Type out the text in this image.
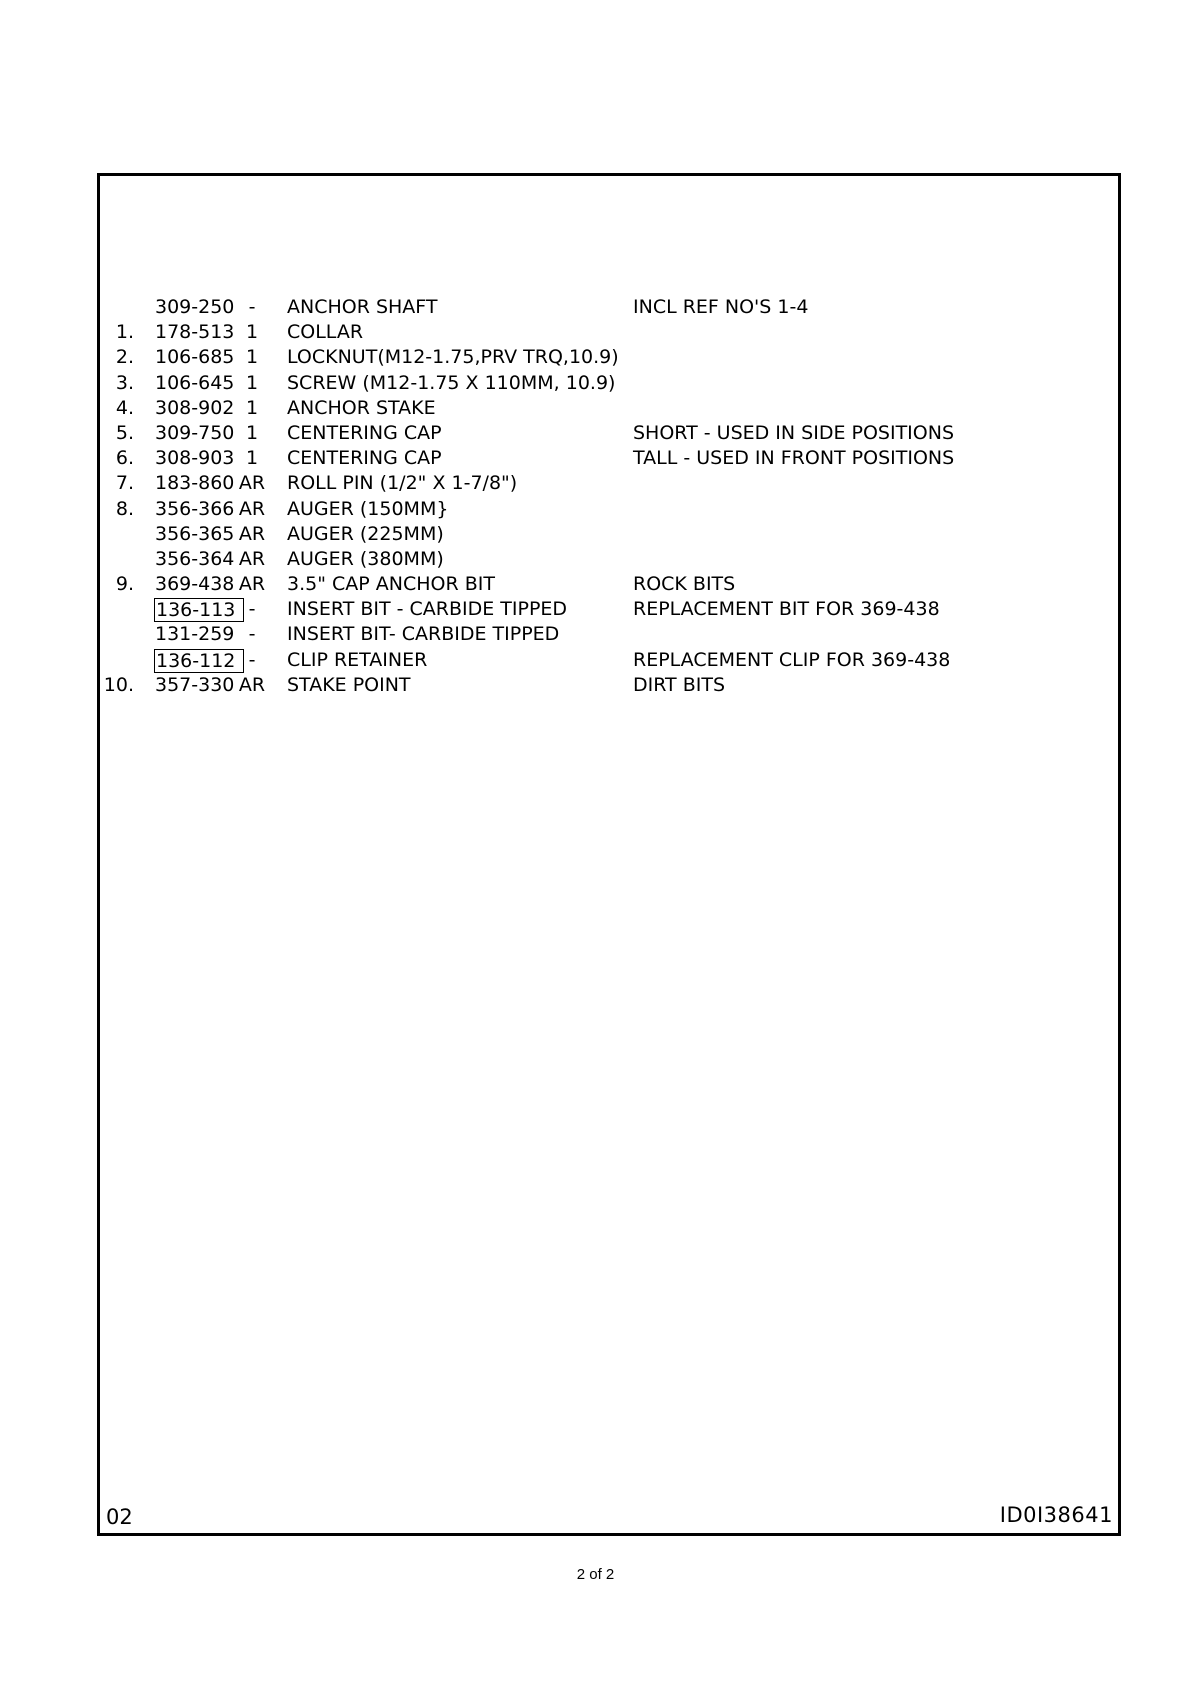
309-250 -	ANCHOR SHAFT	INCL REF NO'S 1-4
1. 178-513 1	COLLAR
2. 106-685 1	LOCKNUT(M12-1.75,PRV TRQ,10.9)
3. 106-645 1	SCREW (M12-1.75 X 110MM, 10.9)
4. 308-902 1	ANCHOR STAKE
5. 309-750 1	CENTERING CAP	SHORT - USED IN SIDE POSITIONS
6. 308-903 1	CENTERING CAP	TALL - USED IN FRONT POSITIONS
7. 183-860 AR ROLL PIN (1/2" X 1-7/8")
8. 356-366 AR AUGER (150MM}
356-365 AR AUGER (225MM)
356-364 AR AUGER (380MM)
9. 369-438 AR 3.5" CAP ANCHOR BIT	ROCK BITS
136-113 -	INSERT BIT - CARBIDE TIPPED	REPLACEMENT BIT FOR 369-438
131-259 -	INSERT BIT- CARBIDE TIPPED
136-112 -	CLIP RETAINER	REPLACEMENT CLIP FOR 369-438
10. 357-330 AR STAKE POINT	DIRT BITS
02	ID0I38641
2 of 2
